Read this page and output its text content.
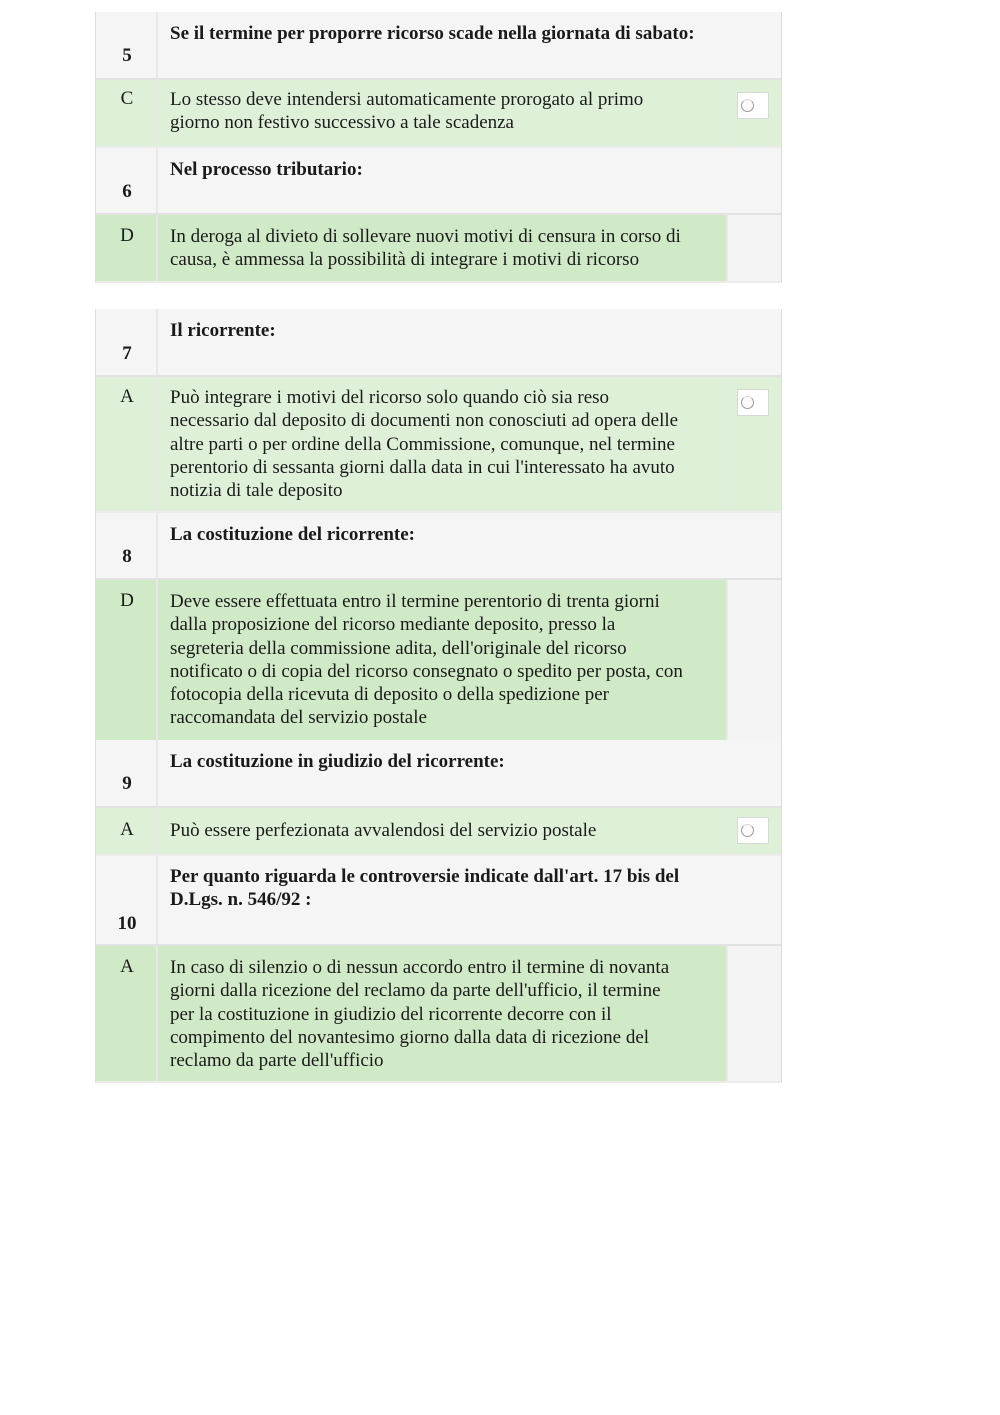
5
Se il termine per proporre ricorso scade nella giornata di sabato:
C	Lo stesso deve intendersi automaticamente prorogato al primo
giorno non festivo successivo a tale scadenza
6
Nel processo tributario:
D	In deroga al divieto di sollevare nuovi motivi di censura in corso di
causa, è ammessa la possibilità di integrare i motivi di ricorso
7
Il ricorrente:
A	Può integrare i motivi del ricorso solo quando ciò sia reso
necessario dal deposito di documenti non conosciuti ad opera delle
altre parti o per ordine della Commissione, comunque, nel termine
perentorio di sessanta giorni dalla data in cui l'interessato ha avuto
notizia di tale deposito
8
La costituzione del ricorrente:
D	Deve essere effettuata entro il termine perentorio di trenta giorni
dalla proposizione del ricorso mediante deposito, presso la
segreteria della commissione adita, dell'originale del ricorso
notificato o di copia del ricorso consegnato o spedito per posta, con
fotocopia della ricevuta di deposito o della spedizione per
raccomandata del servizio postale
9
La costituzione in giudizio del ricorrente:
A	Può essere perfezionata avvalendosi del servizio postale
10
Per quanto riguarda le controversie indicate dall'art. 17 bis del
D.Lgs. n. 546/92 :
A	In caso di silenzio o di nessun accordo entro il termine di novanta
giorni dalla ricezione del reclamo da parte dell'ufficio, il termine
per la costituzione in giudizio del ricorrente decorre con il
compimento del novantesimo giorno dalla data di ricezione del
reclamo da parte dell'ufficio
